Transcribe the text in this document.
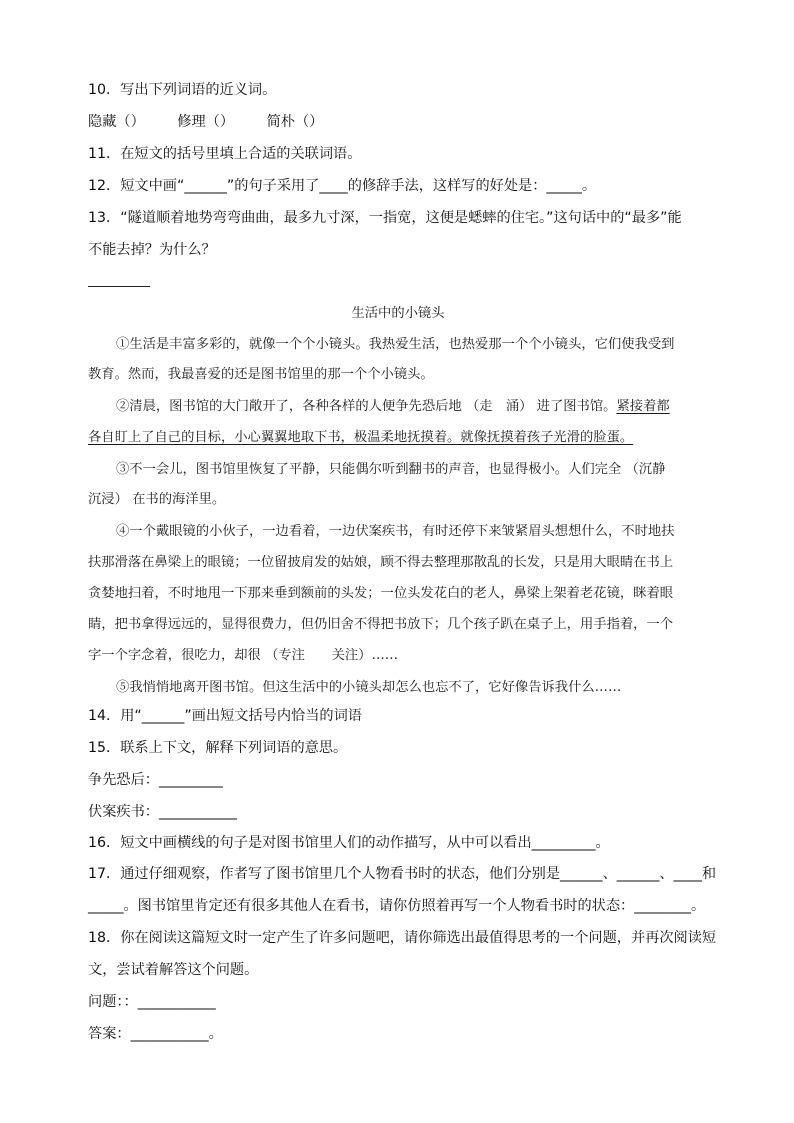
10．写出下列词语的近义词。
隐藏（） 修理（） 简朴（）
11．在短文的括号里填上合适的关联词语。
12．短文中画“______”的句子采用了____的修辞手法，这样写的好处是：_____。
13．“隧道顺着地势弯弯曲曲，最多九寸深，一指宽，这便是蟋蟀的住宅。”这句话中的“最多”能
不能去掉？为什么？
生活中的小镜头
①生活是丰富多彩的，就像一个个小镜头。我热爱生活，也热爱那一个个小镜头，它们使我受到
教育。然而，我最喜爱的还是图书馆里的那一个个小镜头。
②清晨，图书馆的大门敞开了，各种各样的人便争先恐后地 （走　涌） 进了图书馆。紧接着都
各自盯上了自己的目标，小心翼翼地取下书，极温柔地抚摸着。就像抚摸着孩子光滑的脸蛋。
③不一会儿，图书馆里恢复了平静，只能偶尔听到翻书的声音，也显得极小。人们完全 （沉静
沉浸） 在书的海洋里。
④一个戴眼镜的小伙子，一边看着，一边伏案疾书，有时还停下来皱紧眉头想想什么，不时地扶
扶那滑落在鼻梁上的眼镜；一位留披肩发的姑娘，顾不得去整理那散乱的长发，只是用大眼睛在书上
贪婪地扫着，不时地甩一下那来垂到额前的头发；一位头发花白的老人，鼻梁上架着老花镜，眯着眼
睛，把书拿得远远的，显得很费力，但仍旧舍不得把书放下；几个孩子趴在桌子上，用手指着，一个
字一个字念着，很吃力，却很 （专注　　关注）……
⑤我悄悄地离开图书馆。但这生活中的小镜头却怎么也忘不了，它好像告诉我什么……
14．用“______”画出短文括号内恰当的词语
15．联系上下文，解释下列词语的意思。
争先恐后：_________
伏案疾书：___________
16．短文中画横线的句子是对图书馆里人们的动作描写，从中可以看出_________。
17．通过仔细观察，作者写了图书馆里几个人物看书时的状态，他们分别是______、______、____和
_____。图书馆里肯定还有很多其他人在看书，请你仿照着再写一个人物看书时的状态：________。
18．你在阅读这篇短文时一定产生了许多问题吧，请你筛选出最值得思考的一个问题，并再次阅读短
文，尝试着解答这个问题。
问题：：___________
答案：___________。
